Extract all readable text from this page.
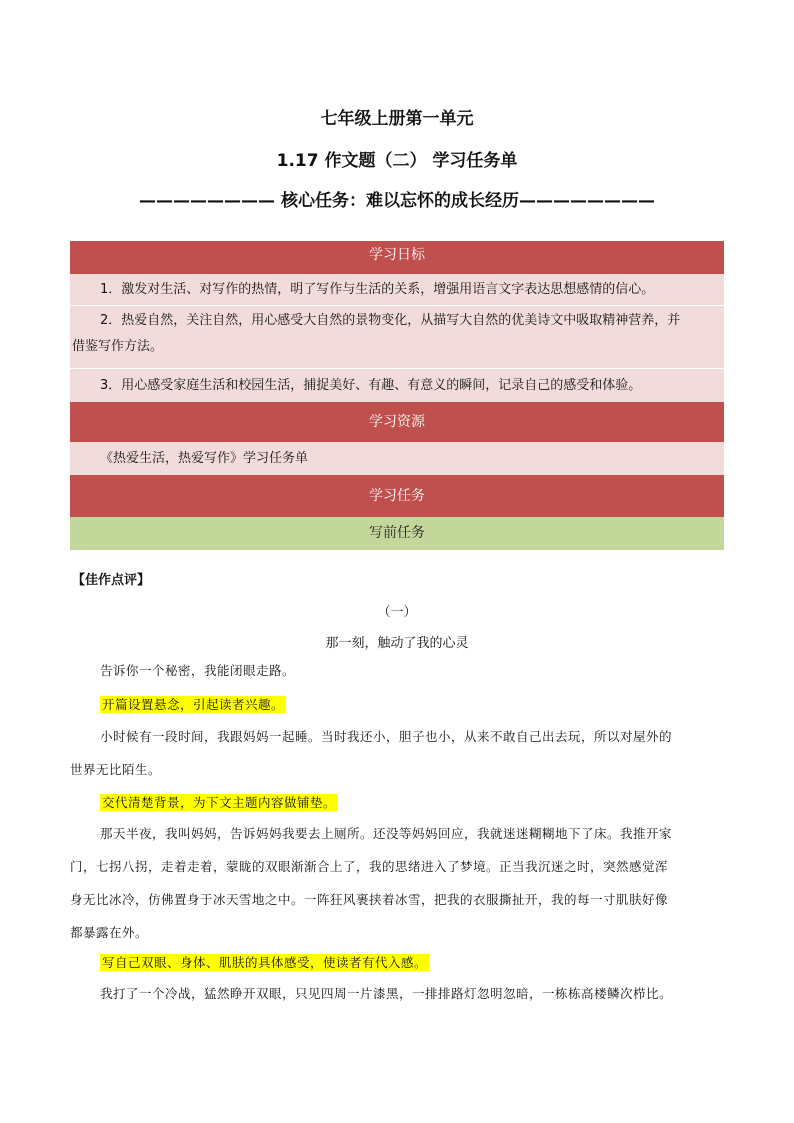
七年级上册第一单元
1.17 作文题（二） 学习任务单
———————— 核心任务：难以忘怀的成长经历————————
学习日标
1．激发对生活、对写作的热情，明了写作与生活的关系，增强用语言文字表达思想感情的信心。
2．热爱自然，关注自然，用心感受大自然的景物变化，从描写大自然的优美诗文中吸取精神营养，并
借鉴写作方法。
3．用心感受家庭生活和校园生活，捕捉美好、有趣、有意义的瞬间，记录自己的感受和体验。
学习资源
《热爱生活，热爱写作》学习任务单
学习任务
写前任务
【佳作点评】
（一）
那一刻，触动了我的心灵
告诉你一个秘密，我能闭眼走路。
开篇设置悬念，引起读者兴趣。
小时候有一段时间，我跟妈妈一起睡。当时我还小，胆子也小，从来不敢自己出去玩，所以对屋外的
世界无比陌生。
交代清楚背景，为下文主题内容做铺垫。
那天半夜，我叫妈妈，告诉妈妈我要去上厕所。还没等妈妈回应，我就迷迷糊糊地下了床。我推开家
门，七拐八拐，走着走着，蒙眬的双眼渐渐合上了，我的思绪进入了梦境。正当我沉迷之时，突然感觉浑
身无比冰冷，仿佛置身于冰天雪地之中。一阵狂风裹挟着冰雪，把我的衣服撕扯开，我的每一寸肌肤好像
都暴露在外。
写自己双眼、身体、肌肤的具体感受，使读者有代入感。
我打了一个冷战，猛然睁开双眼，只见四周一片漆黑，一排排路灯忽明忽暗，一栋栋高楼鳞次栉比。
